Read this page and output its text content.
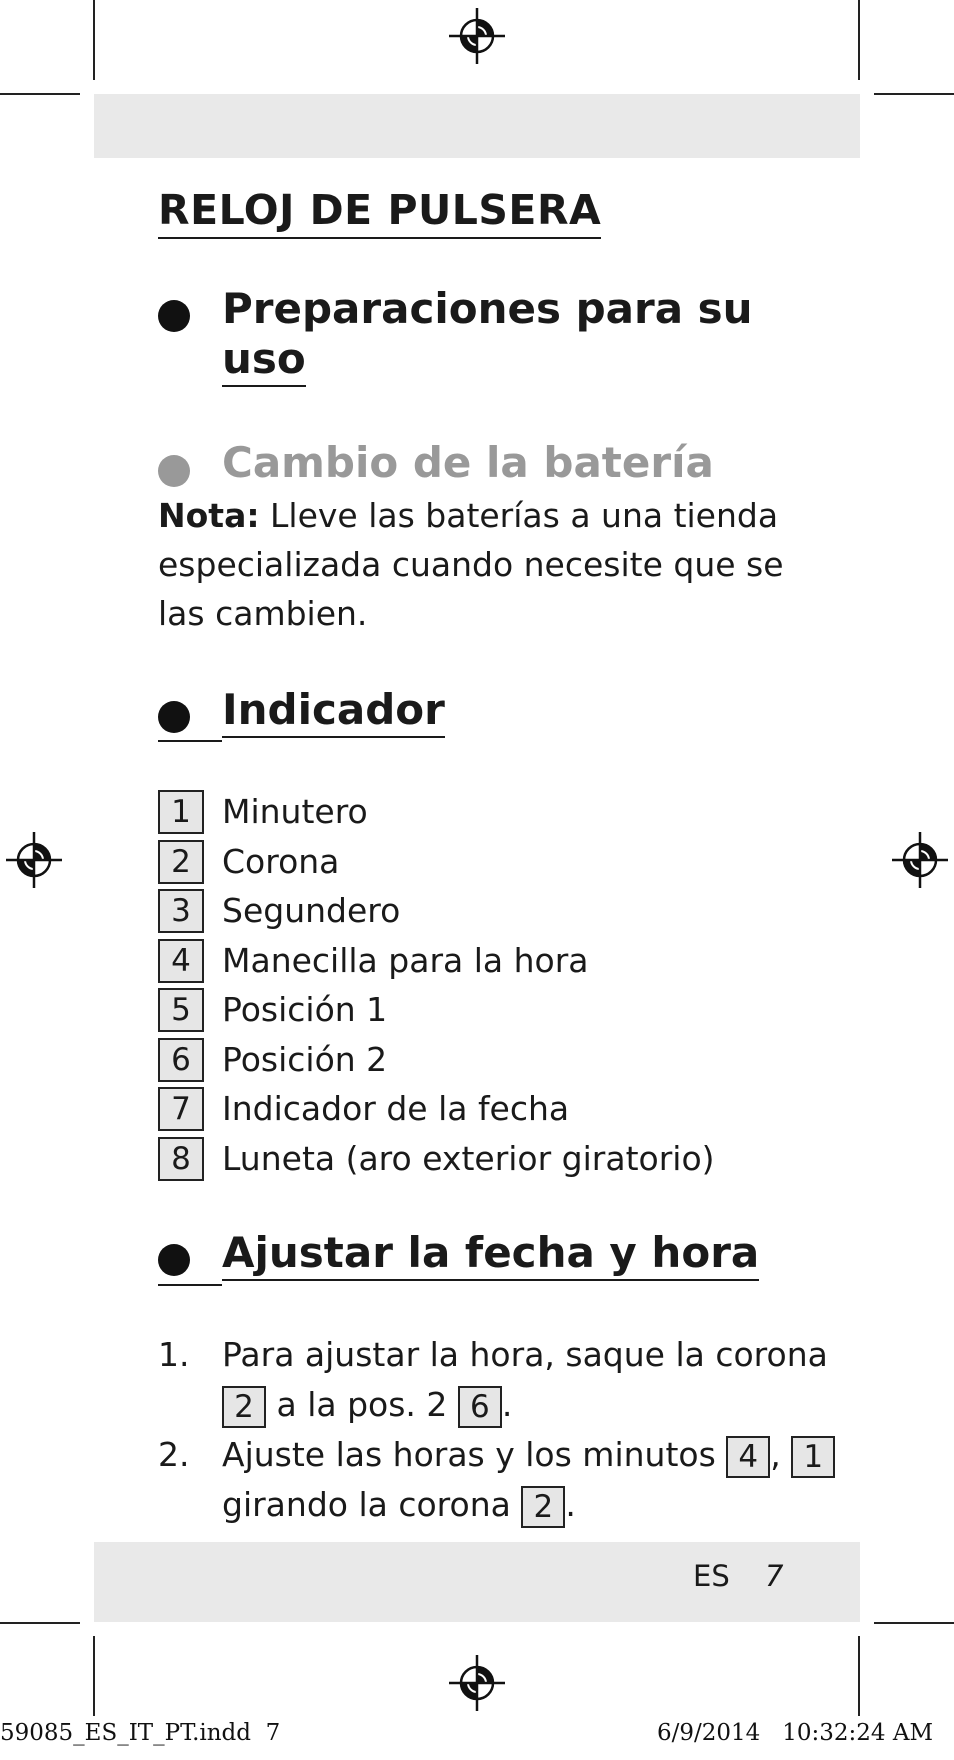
RELOJ DE PULSERA
Preparaciones para su
uso
Cambio de la batería
Nota: Lleve las baterías a una tienda especializada cuando necesite que se las cambien.
Indicador
1 Minutero
2 Corona
3 Segundero
4 Manecilla para la hora
5 Posición 1
6 Posición 2
7 Indicador de la fecha
8 Luneta (aro exterior giratorio)
Ajustar la fecha y hora
1. Para ajustar la hora, saque la corona
2 a la pos. 2 6 .
2. Ajuste las horas y los minutos 4 , 1
girando la corona 2 .
ES 7
59085_ES_IT_PT.indd 7	6/9/2014 10:32:24 AM
